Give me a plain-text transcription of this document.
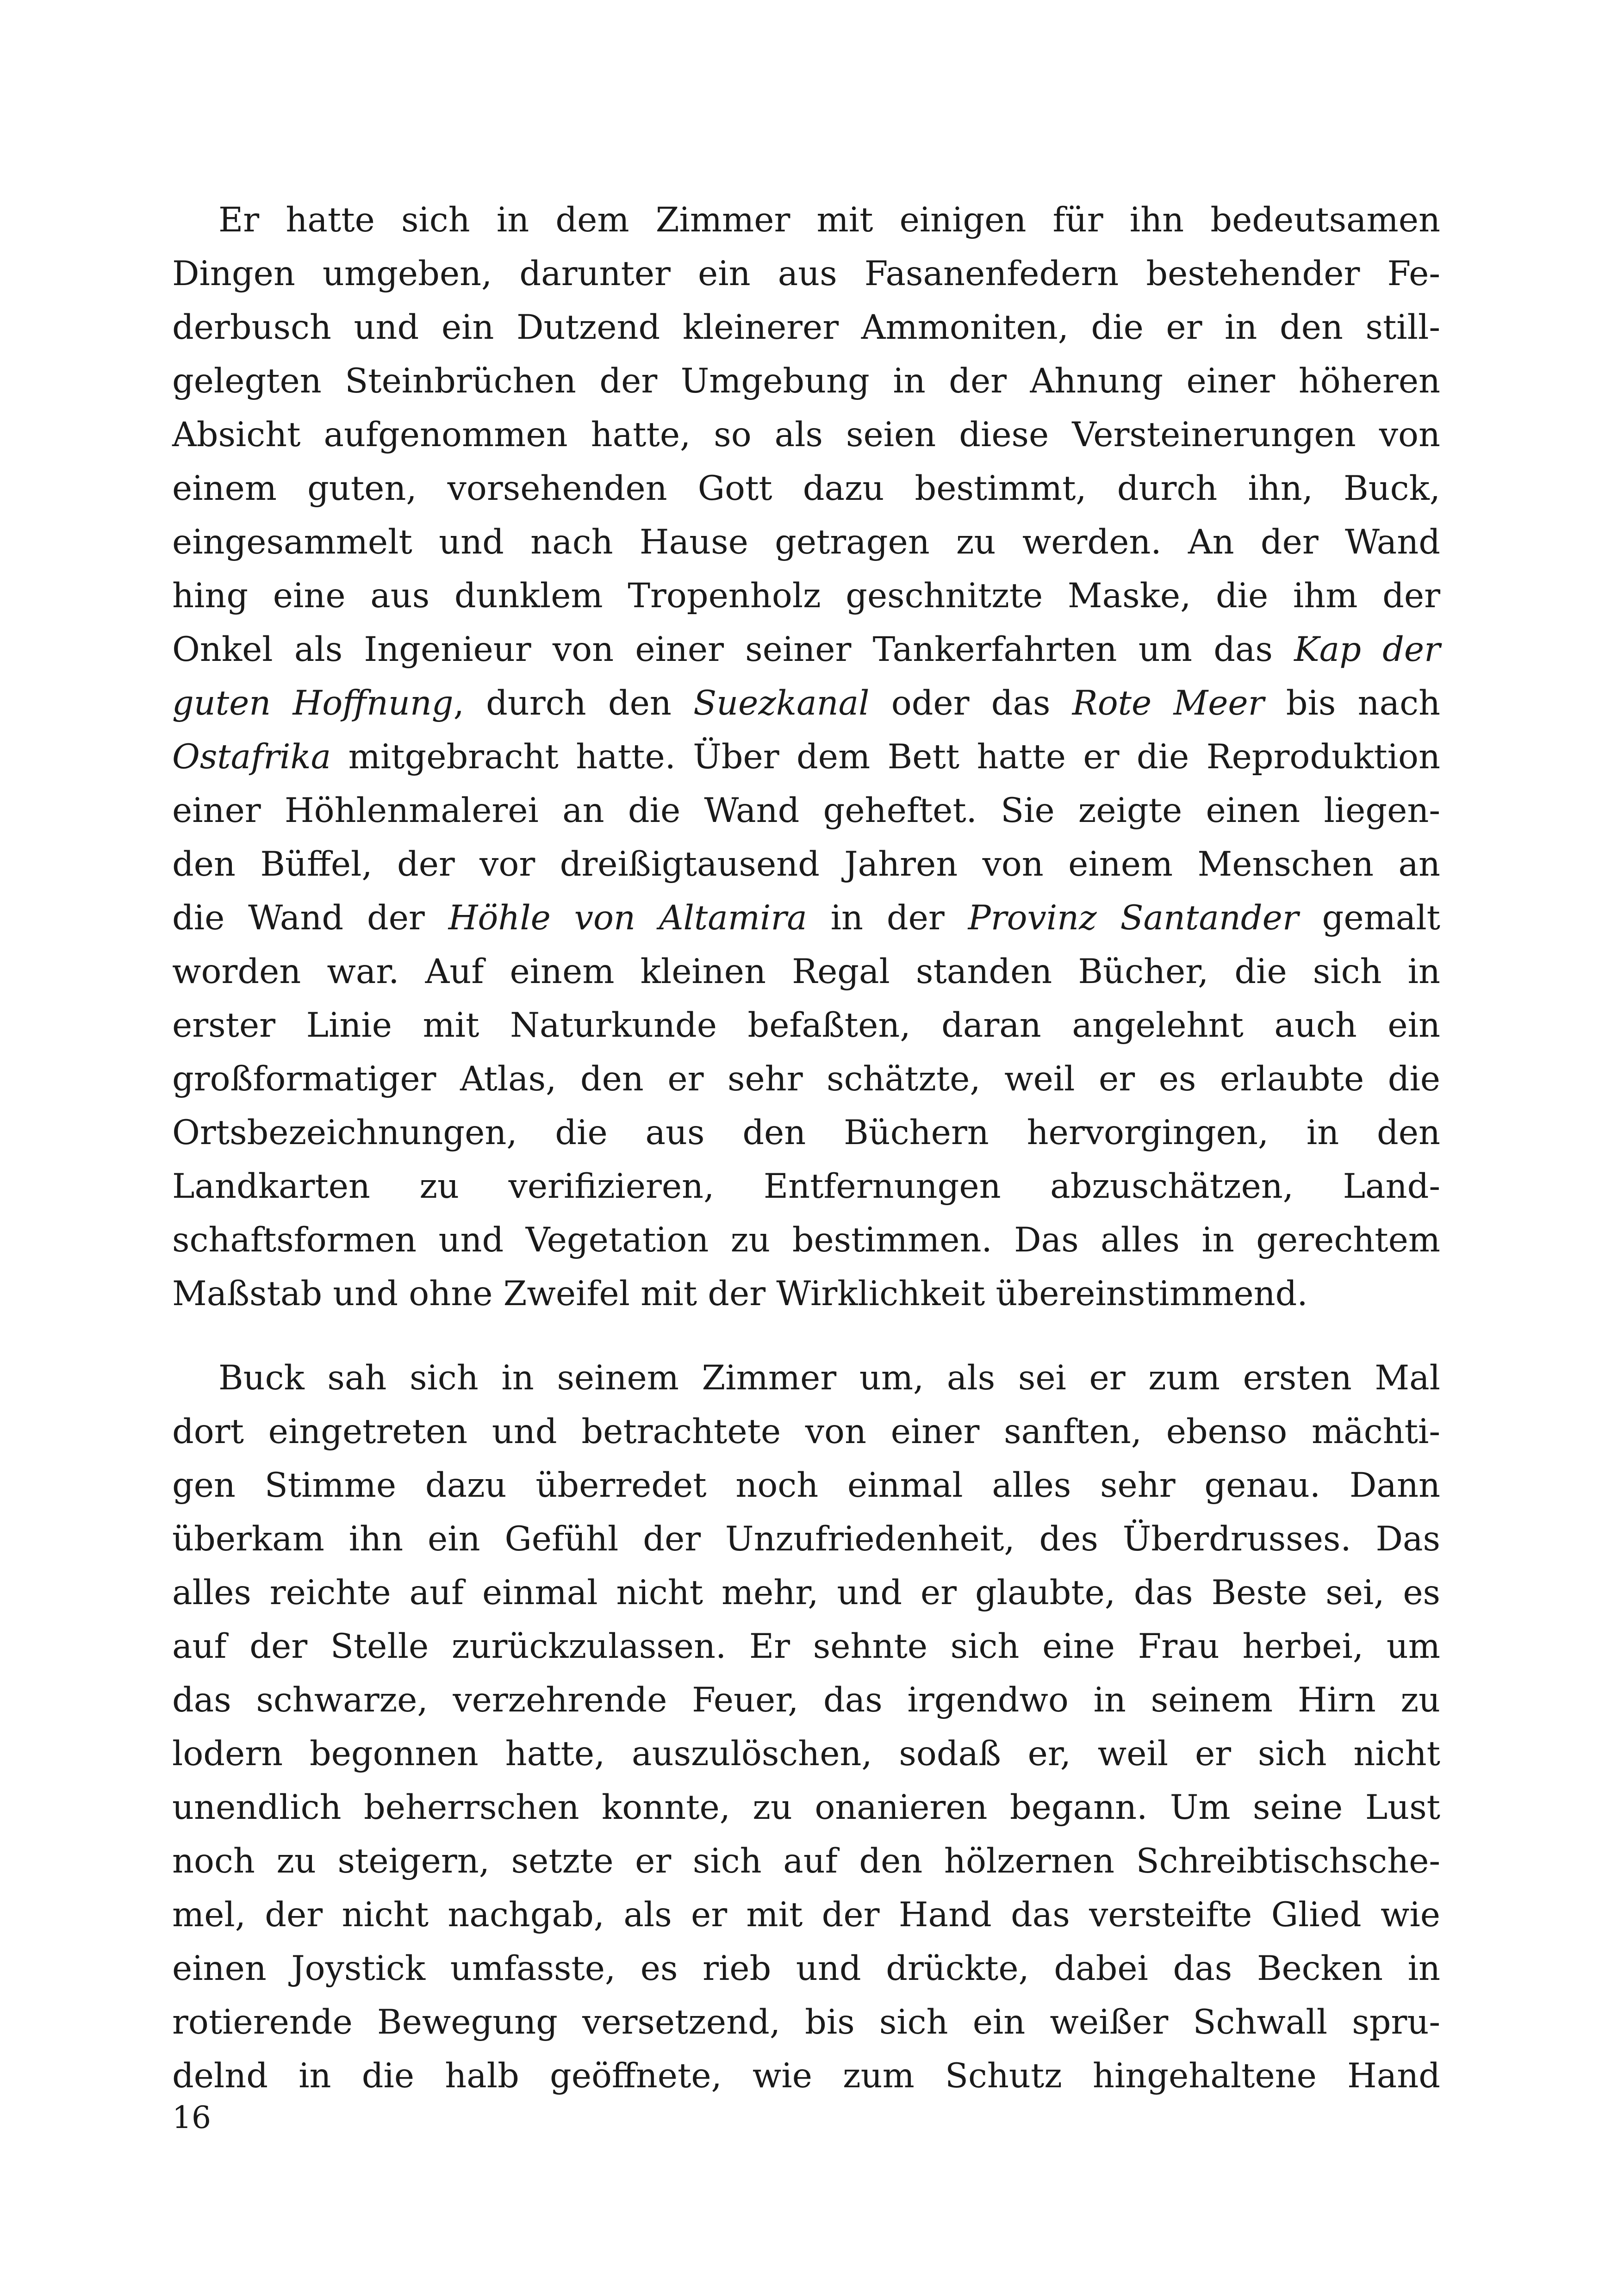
Er hatte sich in dem Zimmer mit einigen für ihn bedeutsamen
Dingen umgeben, darunter ein aus Fasanenfedern bestehender Fe-
derbusch und ein Dutzend kleinerer Ammoniten, die er in den still-
gelegten Steinbrüchen der Umgebung in der Ahnung einer höheren
Absicht aufgenommen hatte, so als seien diese Versteinerungen von
einem guten, vorsehenden Gott dazu bestimmt, durch ihn, Buck,
eingesammelt und nach Hause getragen zu werden. An der Wand
hing eine aus dunklem Tropenholz geschnitzte Maske, die ihm der
Onkel als Ingenieur von einer seiner Tankerfahrten um das Kap der
guten Hoffnung, durch den Suezkanal oder das Rote Meer bis nach
Ostafrika mitgebracht hatte. Über dem Bett hatte er die Reproduktion
einer Höhlenmalerei an die Wand geheftet. Sie zeigte einen liegen-
den Büffel, der vor dreißigtausend Jahren von einem Menschen an
die Wand der Höhle von Altamira in der Provinz Santander gemalt
worden war. Auf einem kleinen Regal standen Bücher, die sich in
erster Linie mit Naturkunde befaßten, daran angelehnt auch ein
großformatiger Atlas, den er sehr schätzte, weil er es erlaubte die
Ortsbezeichnungen, die aus den Büchern hervorgingen, in den
Landkarten zu verifizieren, Entfernungen abzuschätzen, Land-
schaftsformen und Vegetation zu bestimmen. Das alles in gerechtem
Maßstab und ohne Zweifel mit der Wirklichkeit übereinstimmend.
Buck sah sich in seinem Zimmer um, als sei er zum ersten Mal
dort eingetreten und betrachtete von einer sanften, ebenso mächti-
gen Stimme dazu überredet noch einmal alles sehr genau. Dann
überkam ihn ein Gefühl der Unzufriedenheit, des Überdrusses. Das
alles reichte auf einmal nicht mehr, und er glaubte, das Beste sei, es
auf der Stelle zurückzulassen. Er sehnte sich eine Frau herbei, um
das schwarze, verzehrende Feuer, das irgendwo in seinem Hirn zu
lodern begonnen hatte, auszulöschen, sodaß er, weil er sich nicht
unendlich beherrschen konnte, zu onanieren begann. Um seine Lust
noch zu steigern, setzte er sich auf den hölzernen Schreibtischsche-
mel, der nicht nachgab, als er mit der Hand das versteifte Glied wie
einen Joystick umfasste, es rieb und drückte, dabei das Becken in
rotierende Bewegung versetzend, bis sich ein weißer Schwall spru-
delnd in die halb geöffnete, wie zum Schutz hingehaltene Hand
16
